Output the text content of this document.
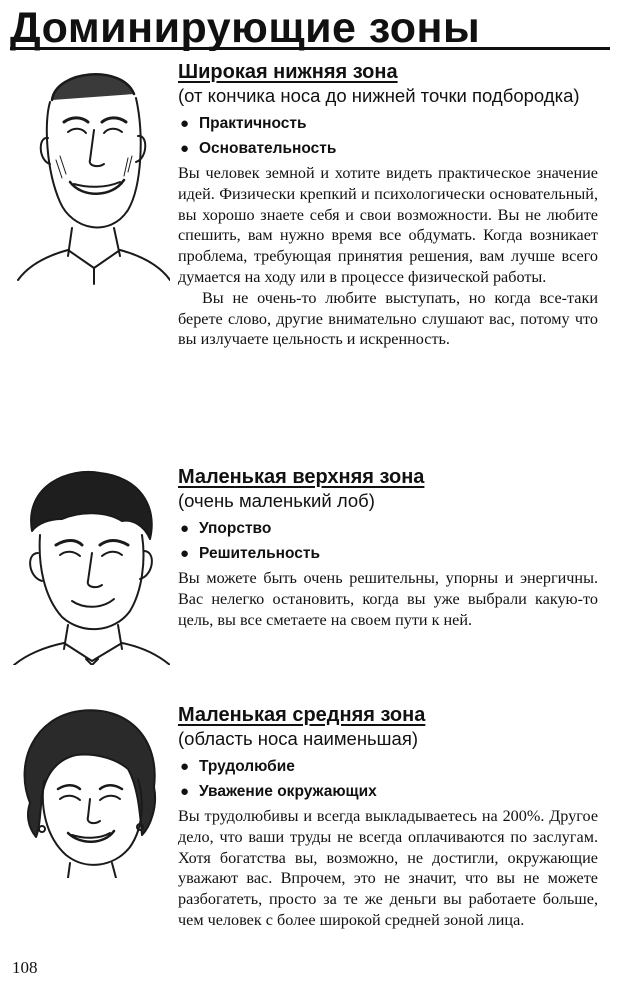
Доминирующие зоны
Широкая нижняя зона
(от кончика носа до нижней точки подбородка)
● Практичность
● Основательность

Вы человек земной и хотите видеть практическое значение идей. Физически крепкий и психологически основательный, вы хорошо знаете себя и свои возможности. Вы не любите спешить, вам нужно время все обдумать. Когда возникает проблема, требующая принятия решения, вам лучше всего думается на ходу или в процессе физической работы.

Вы не очень-то любите выступать, но когда все-таки берете слово, другие внимательно слушают вас, потому что вы излучаете цельность и искренность.

Маленькая верхняя зона
(очень маленький лоб)
● Упорство
● Решительность

Вы можете быть очень решительны, упорны и энергичны. Вас нелегко остановить, когда вы уже выбрали какую-то цель, вы все сметаете на своем пути к ней.

Маленькая средняя зона
(область носа наименьшая)
● Трудолюбие
● Уважение окружающих

Вы трудолюбивы и всегда выкладываетесь на 200%. Другое дело, что ваши труды не всегда оплачиваются по заслугам. Хотя богатства вы, возможно, не достигли, окружающие уважают вас. Впрочем, это не значит, что вы не можете разбогатеть, просто за те же деньги вы работаете больше, чем человек с более широкой средней зоной лица.

108
